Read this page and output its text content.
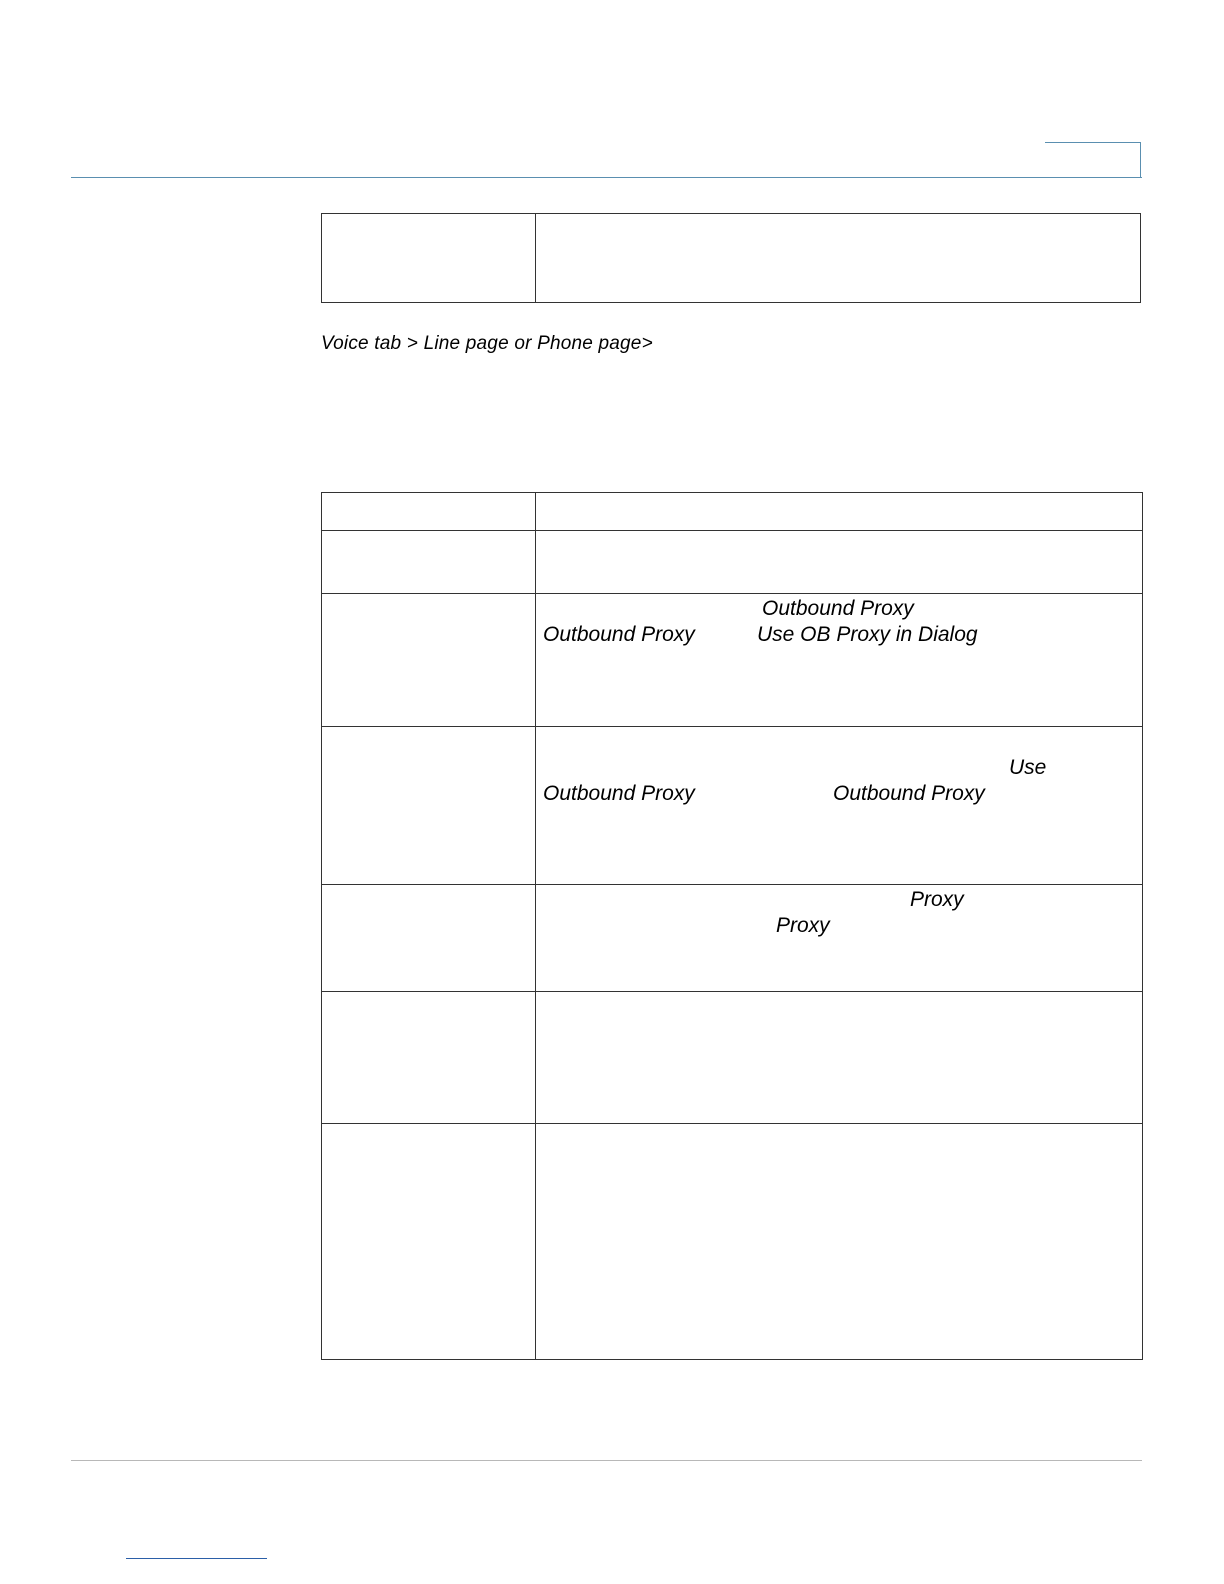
Voice tab > Line page or Phone page>

Outbound Proxy
Outbound Proxy	Use OB Proxy in Dialog
Use
Outbound Proxy	Outbound Proxy
Proxy
Proxy
